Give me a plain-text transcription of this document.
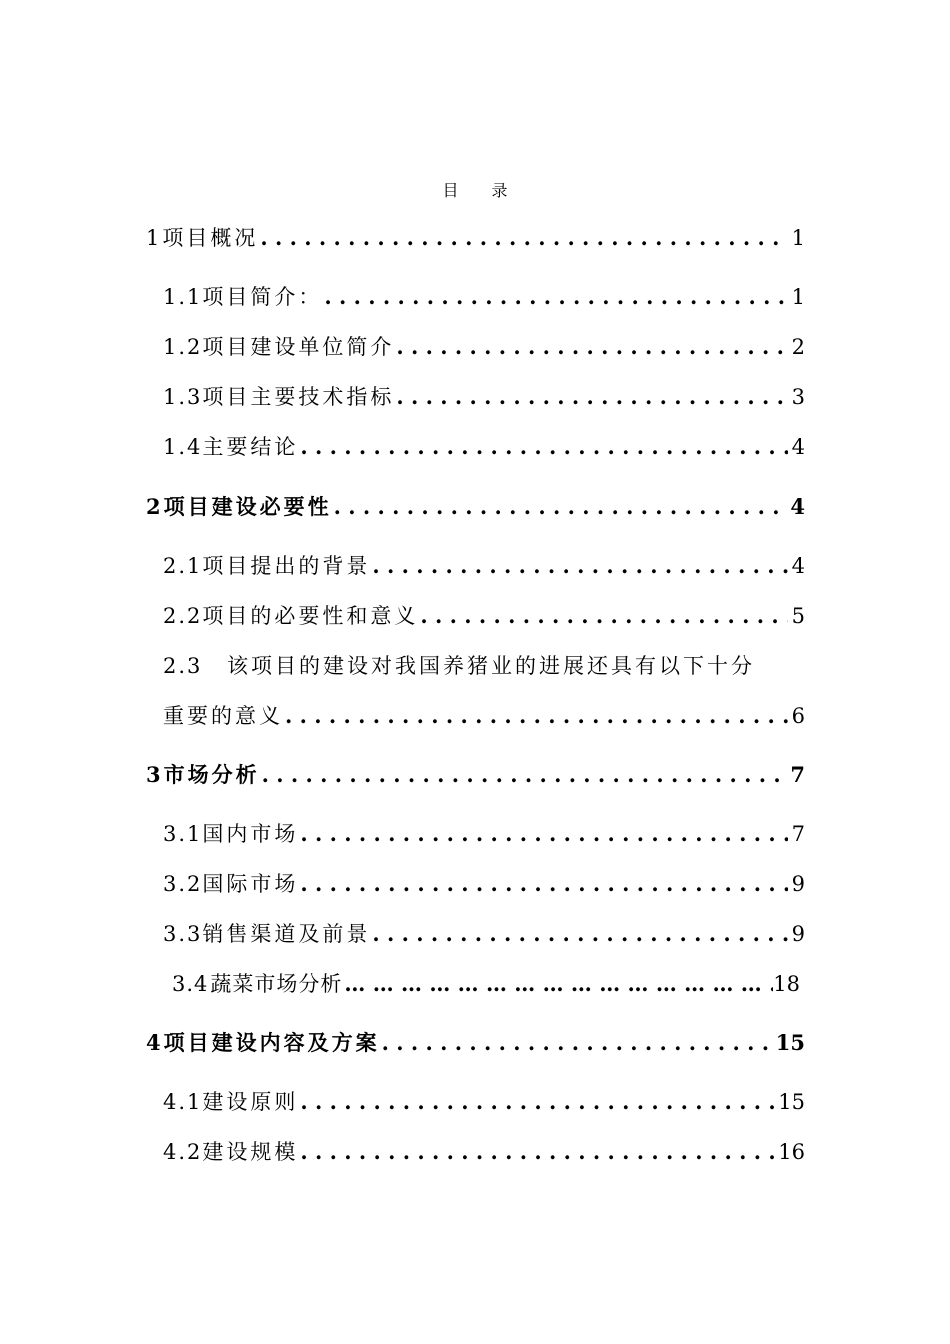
目 录
1 项目概况 . . .	1
1.1 项目简介： . . .	1
1.2 项目建设单位简介 . . .	2
1.3 项目主要技术指标 . . .	3
1.4 主要结论 . . .	4
2 项目建设必要性 . . .	4
2.1 项目提出的背景 . . .	4
2.2 项目的必要性和意义 . . .	5
2.3 该项目的建设对我国养猪业的进展还具有以下十分
重要的意义 . . .	6
3 市场分析 . . .	7
3.1 国内市场 . . .	7
3.2 国际市场 . . .	9
3.3 销售渠道及前景 . . .	9
3.4 蔬菜市场分析 … … … … … … … … … … … … … … … … … … … … … … … … … … … … … … … … … … … … …	18
4 项目建设内容及方案 . . .	15
4.1 建设原则 . . .	15
4.2 建设规模 . . .	16
